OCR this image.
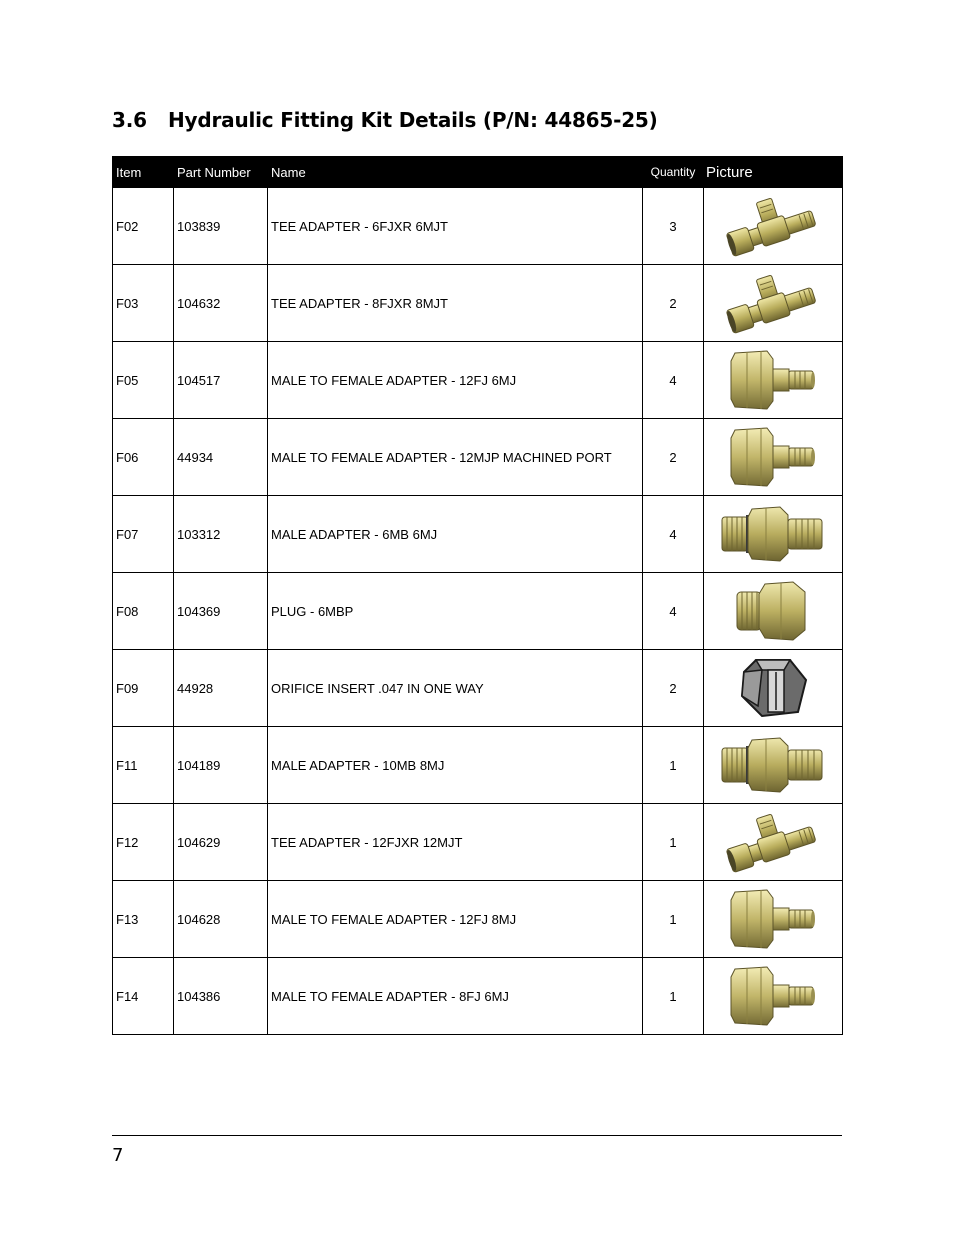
3.6 Hydraulic Fitting Kit Details (P/N: 44865-25)
Item	Part Number	Name	Quantity	Picture
F02	103839	TEE ADAPTER - 6FJXR 6MJT	3	

F03	104632	TEE ADAPTER - 8FJXR 8MJT	2	

F05	104517	MALE TO FEMALE ADAPTER - 12FJ 6MJ	4	

F06	44934	MALE TO FEMALE ADAPTER - 12MJP MACHINED PORT	2	

F07	103312	MALE ADAPTER - 6MB 6MJ	4	

F08	104369	PLUG - 6MBP	4	

F09	44928	ORIFICE INSERT .047 IN ONE WAY	2	

F11	104189	MALE ADAPTER - 10MB 8MJ	1	

F12	104629	TEE ADAPTER - 12FJXR 12MJT	1	

F13	104628	MALE TO FEMALE ADAPTER - 12FJ 8MJ	1	

F14	104386	MALE TO FEMALE ADAPTER - 8FJ 6MJ	1	
7
